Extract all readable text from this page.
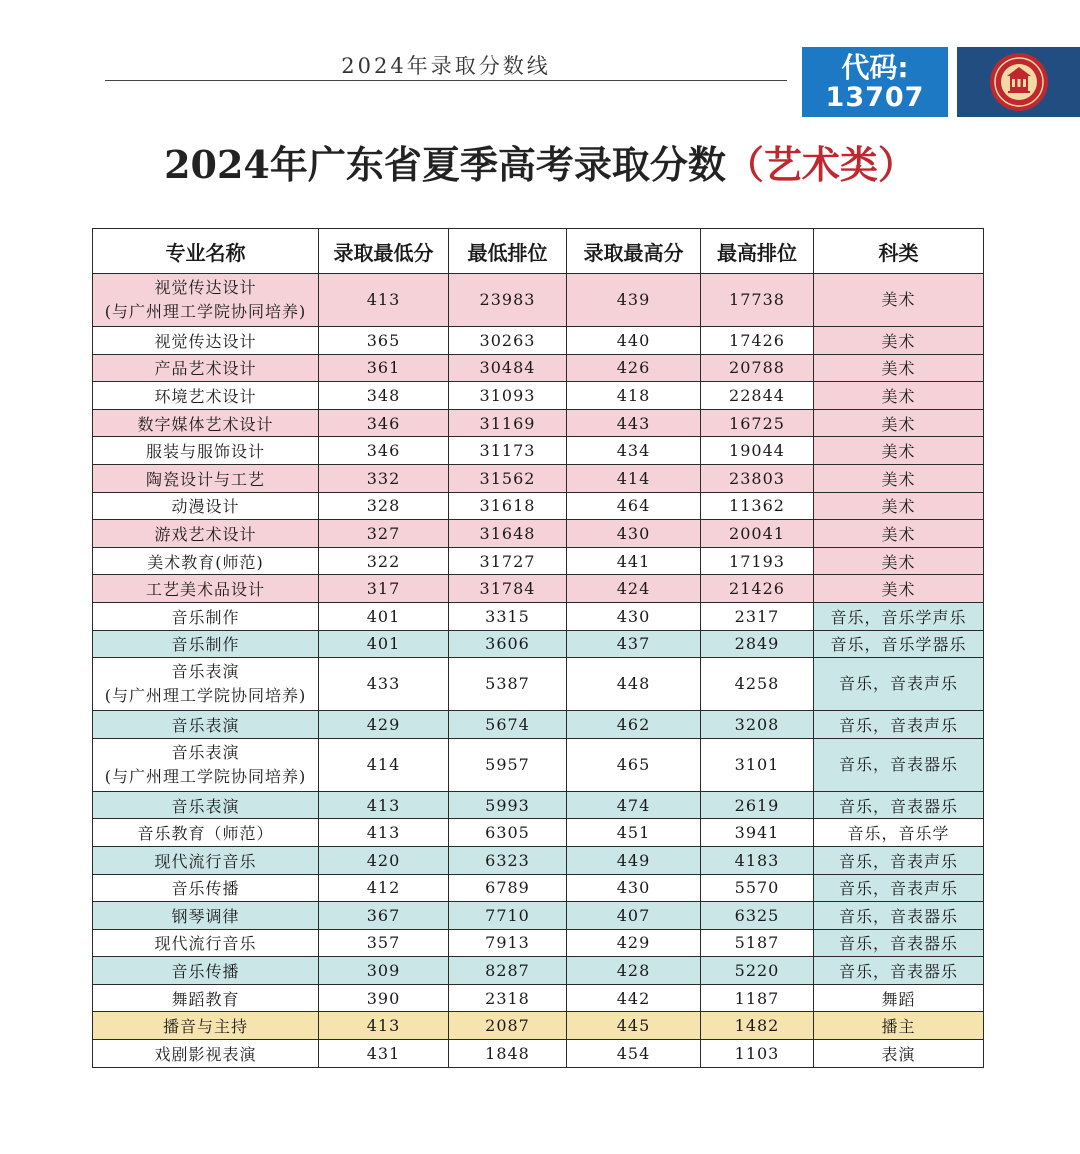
2024年录取分数线	代码:
13707
2024年广东省夏季高考录取分数（艺术类）
专业名称	录取最低分	最低排位	录取最高分	最高排位	科类

视觉传达设计
(与广州理工学院协同培养)	413	23983	439	17738	美术

视觉传达设计	365	30263	440	17426	美术

产品艺术设计	361	30484	426	20788	美术

环境艺术设计	348	31093	418	22844	美术

数字媒体艺术设计	346	31169	443	16725	美术

服装与服饰设计	346	31173	434	19044	美术

陶瓷设计与工艺	332	31562	414	23803	美术

动漫设计	328	31618	464	11362	美术

游戏艺术设计	327	31648	430	20041	美术

美术教育(师范)	322	31727	441	17193	美术

工艺美术品设计	317	31784	424	21426	美术

音乐制作	401	3315	430	2317	音乐，音乐学声乐

音乐制作	401	3606	437	2849	音乐，音乐学器乐

音乐表演
(与广州理工学院协同培养)	433	5387	448	4258	音乐，音表声乐

音乐表演	429	5674	462	3208	音乐，音表声乐

音乐表演
(与广州理工学院协同培养)	414	5957	465	3101	音乐，音表器乐

音乐表演	413	5993	474	2619	音乐，音表器乐

音乐教育（师范）	413	6305	451	3941	音乐，音乐学

现代流行音乐	420	6323	449	4183	音乐，音表声乐

音乐传播	412	6789	430	5570	音乐，音表声乐

钢琴调律	367	7710	407	6325	音乐，音表器乐

现代流行音乐	357	7913	429	5187	音乐，音表器乐

音乐传播	309	8287	428	5220	音乐，音表器乐

舞蹈教育	390	2318	442	1187	舞蹈

播音与主持	413	2087	445	1482	播主

戏剧影视表演	431	1848	454	1103	表演
